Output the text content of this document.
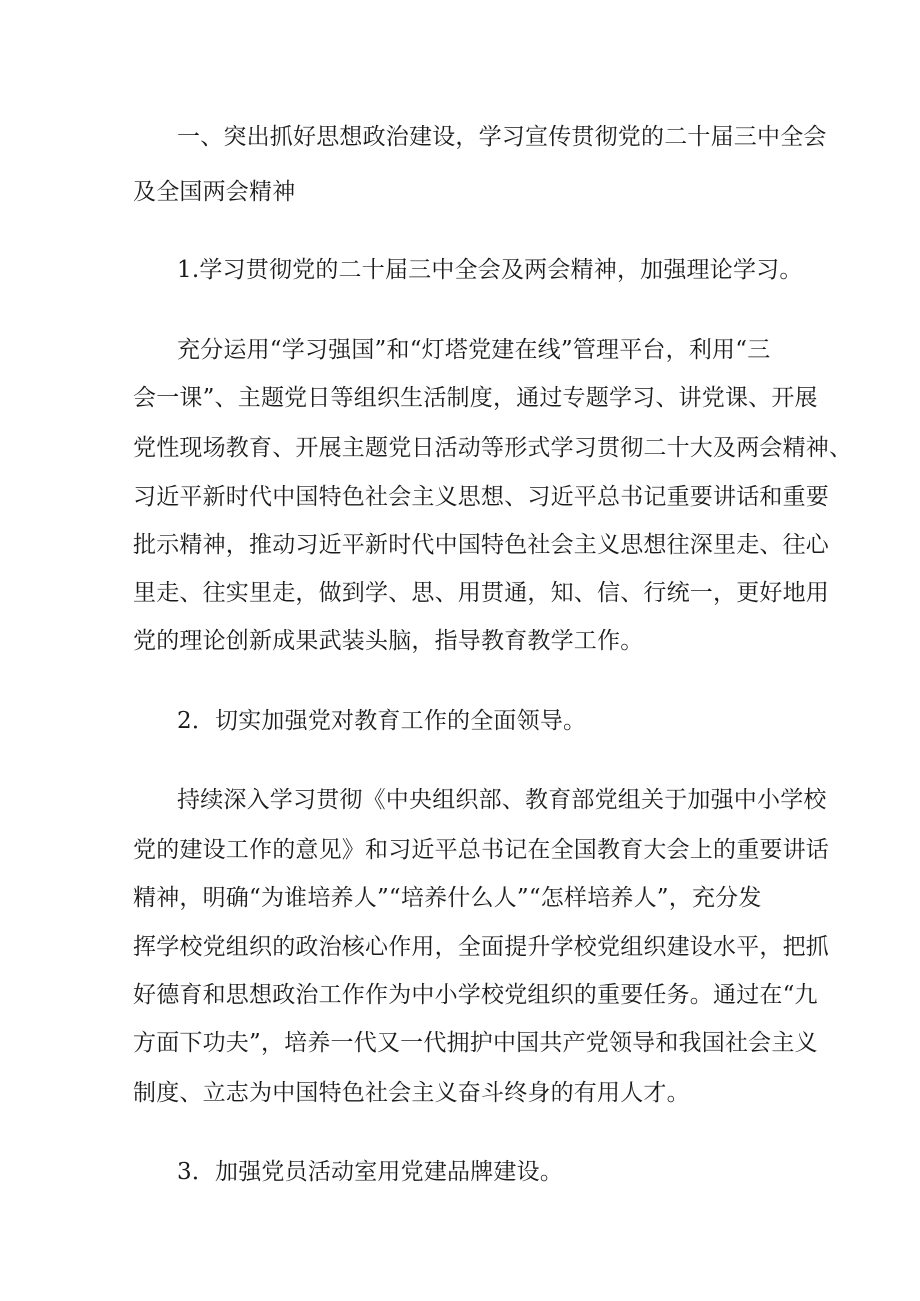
一、突出抓好思想政治建设，学习宣传贯彻党的二十届三中全会
及全国两会精神
1.学习贯彻党的二十届三中全会及两会精神，加强理论学习。
充分运用“学习强国”和“灯塔党建在线”管理平台，利用“三
会一课”、主题党日等组织生活制度，通过专题学习、讲党课、开展
党性现场教育、开展主题党日活动等形式学习贯彻二十大及两会精神、
习近平新时代中国特色社会主义思想、习近平总书记重要讲话和重要
批示精神，推动习近平新时代中国特色社会主义思想往深里走、往心
里走、往实里走，做到学、思、用贯通，知、信、行统一，更好地用
党的理论创新成果武装头脑，指导教育教学工作。
2．切实加强党对教育工作的全面领导。
持续深入学习贯彻《中央组织部、教育部党组关于加强中小学校
党的建设工作的意见》和习近平总书记在全国教育大会上的重要讲话
精神，明确“为谁培养人”“培养什么人”“怎样培养人”，充分发
挥学校党组织的政治核心作用，全面提升学校党组织建设水平，把抓
好德育和思想政治工作作为中小学校党组织的重要任务。通过在“九
方面下功夫”，培养一代又一代拥护中国共产党领导和我国社会主义
制度、立志为中国特色社会主义奋斗终身的有用人才。
3．加强党员活动室用党建品牌建设。
